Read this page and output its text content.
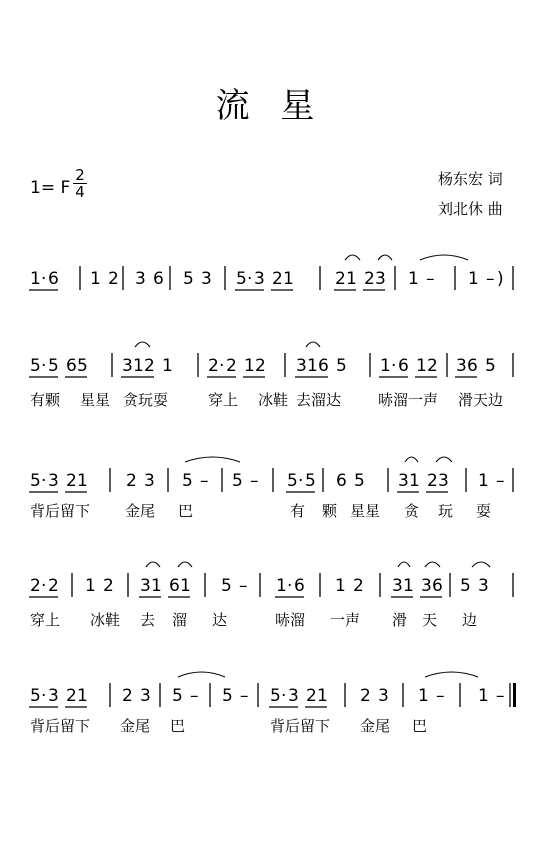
流 星
1= F
2
4
杨东宏 词
刘北休 曲
1 · 6 1 2 3 6 5 3 5 · 3 2 1 2 1 2 3 1 – 1 – )
5 · 5 6 5 3 1 2 1 2 · 2 1 2 3 1 6 5 1 · 6 1 2 3 6 5
有颗 星星 贪玩耍	穿上 冰鞋 去溜达 哧溜一声 滑天边
5 · 3 2 1 2 3 5 – 5 – 5 · 5 6 5 3 1 2 3 1 –
背后留下 金尾 巴	有 颗 星星 贪 玩 耍
2 · 2 1 2 3 1 6 1 5 – 1 · 6 1 2 3 1 3 6 5 3
穿上 冰鞋 去 溜 达	哧溜 一声 滑 天 边
5 · 3 2 1 2 3 5 – 5 – 5 · 3 2 1 2 3 1 – 1 –
背后留下 金尾 巴	背后留下 金尾 巴
